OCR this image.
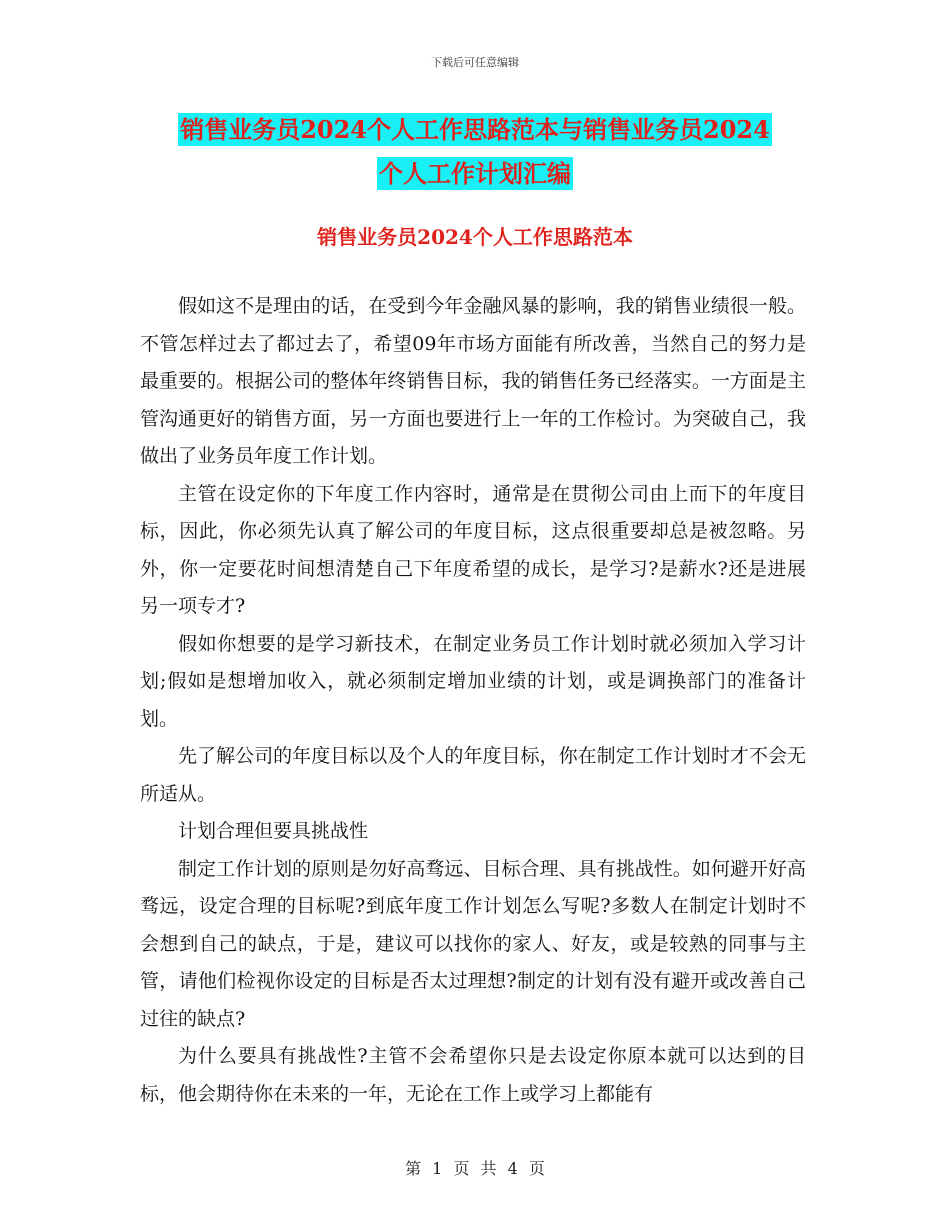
下载后可任意编辑
销售业务员2024个人工作思路范本与销售业务员2024
个人工作计划汇编
销售业务员2024个人工作思路范本

假如这不是理由的话，在受到今年金融风暴的影响，我的销售业绩很一般。不管怎样过去了都过去了，希望09年市场方面能有所改善，当然自己的努力是最重要的。根据公司的整体年终销售目标，我的销售任务已经落实。一方面是主管沟通更好的销售方面，另一方面也要进行上一年的工作检讨。为突破自己，我做出了业务员年度工作计划。

主管在设定你的下年度工作内容时，通常是在贯彻公司由上而下的年度目标，因此，你必须先认真了解公司的年度目标，这点很重要却总是被忽略。另外，你一定要花时间想清楚自己下年度希望的成长，是学习?是薪水?还是进展另一项专才?

假如你想要的是学习新技术，在制定业务员工作计划时就必须加入学习计划;假如是想增加收入，就必须制定增加业绩的计划，或是调换部门的准备计划。

先了解公司的年度目标以及个人的年度目标，你在制定工作计划时才不会无所适从。

计划合理但要具挑战性

制定工作计划的原则是勿好高骛远、目标合理、具有挑战性。如何避开好高骛远，设定合理的目标呢?到底年度工作计划怎么写呢?多数人在制定计划时不会想到自己的缺点，于是，建议可以找你的家人、好友，或是较熟的同事与主管，请他们检视你设定的目标是否太过理想?制定的计划有没有避开或改善自己过往的缺点?

为什么要具有挑战性?主管不会希望你只是去设定你原本就可以达到的目标，他会期待你在未来的一年，无论在工作上或学习上都能有

第 1 页 共 4 页
